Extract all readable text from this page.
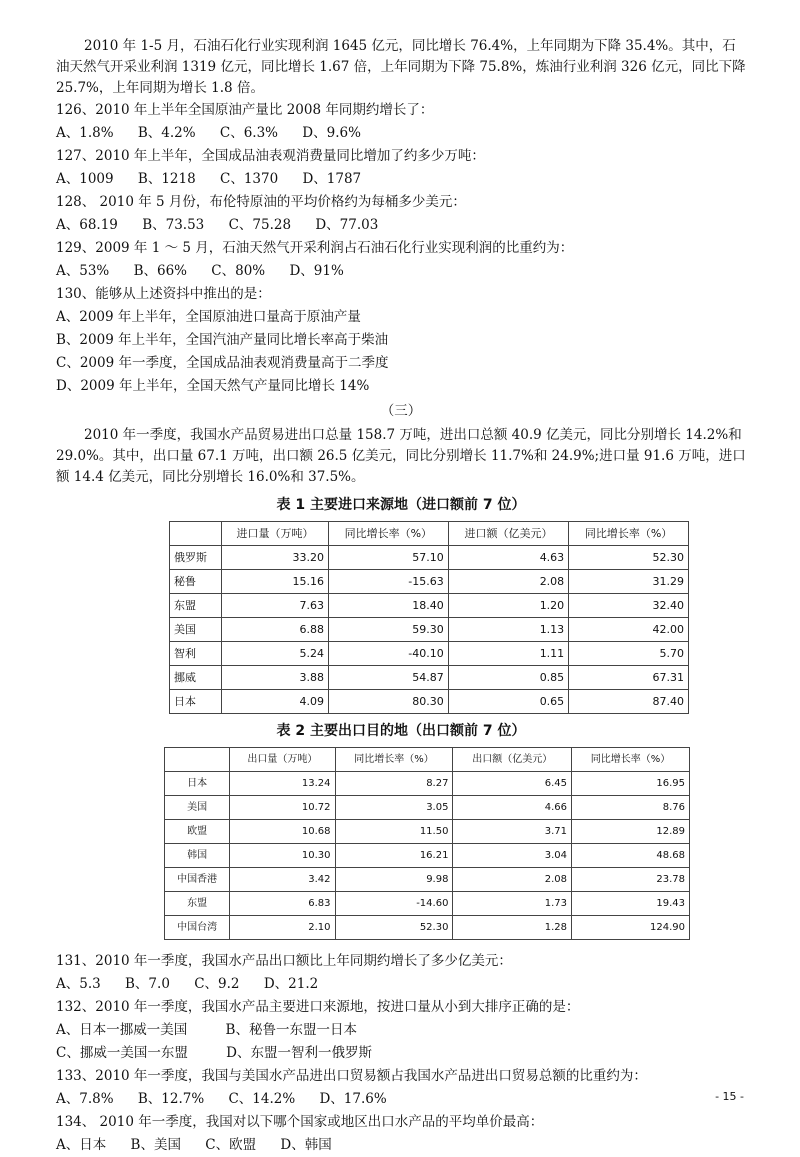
2010 年 1-5 月，石油石化行业实现利润 1645 亿元，同比增长 76.4%，上年同期为下降 35.4%。其中，石油天然气开采业利润 1319 亿元，同比增长 1.67 倍，上年同期为下降 75.8%，炼油行业利润 326 亿元，同比下降 25.7%，上年同期为增长 1.8 倍。

126、2010 年上半年全国原油产量比 2008 年同期约增长了：

A、1.8% B、4.2% C、6.3% D、9.6%

127、2010 年上半年，全国成品油表观消费量同比增加了约多少万吨：

A、1009 B、1218 C、1370 D、1787

128、 2010 年 5 月份，布伦特原油的平均价格约为每桶多少美元：

A、68.19 B、73.53 C、75.28 D、77.03

129、2009 年 1 ～ 5 月，石油天然气开采利润占石油石化行业实现利润的比重约为：

A、53% B、66% C、80% D、91%

130、能够从上述资抖中推出的是：

A、2009 年上半年，全国原油进口量高于原油产量

B、2009 年上半年，全国汽油产量同比增长率高于柴油

C、2009 年一季度，全国成品油表观消费量高于二季度

D、2009 年上半年，全国天然气产量同比增长 14%

（三）

2010 年一季度，我国水产品贸易进出口总量 158.7 万吨，进出口总额 40.9 亿美元，同比分别增长 14.2%和 29.0%。其中，出口量 67.1 万吨，出口额 26.5 亿美元，同比分别增长 11.7%和 24.9%;进口量 91.6 万吨，进口额 14.4 亿美元，同比分别增长 16.0%和 37.5%。

表 1 主要进口来源地（进口额前 7 位）

	进口量（万吨）	同比增长率（%）	进口额（亿美元）	同比增长率（%）
俄罗斯	33.20	57.10	4.63	52.30
秘鲁	15.16	-15.63	2.08	31.29
东盟	7.63	18.40	1.20	32.40
美国	6.88	59.30	1.13	42.00
智利	5.24	-40.10	1.11	5.70
挪威	3.88	54.87	0.85	67.31
日本	4.09	80.30	0.65	87.40

表 2 主要出口目的地（出口额前 7 位）

	出口量（万吨）	同比增长率（%）	出口额（亿美元）	同比增长率（%）
日本	13.24	8.27	6.45	16.95
美国	10.72	3.05	4.66	8.76
欧盟	10.68	11.50	3.71	12.89
韩国	10.30	16.21	3.04	48.68
中国香港	3.42	9.98	2.08	23.78
东盟	6.83	-14.60	1.73	19.43
中国台湾	2.10	52.30	1.28	124.90

131、2010 年一季度，我国水产品出口额比上年同期约增长了多少亿美元：

A、5.3 B、7.0 C、9.2 D、21.2

132、2010 年一季度，我国水产品主要进口来源地，按进口量从小到大排序正确的是：

A、日本一挪威一美国	B、秘鲁一东盟一日本

C、挪威一美国一东盟	D、东盟一智利一俄罗斯

133、2010 年一季度，我国与美国水产品进出口贸易额占我国水产品进出口贸易总额的比重约为：

A、7.8% B、12.7% C、14.2% D、17.6%

134、 2010 年一季度，我国对以下哪个国家或地区出口水产品的平均单价最高：

A、日本 B、美国 C、欧盟 D、韩国

- 15 -
